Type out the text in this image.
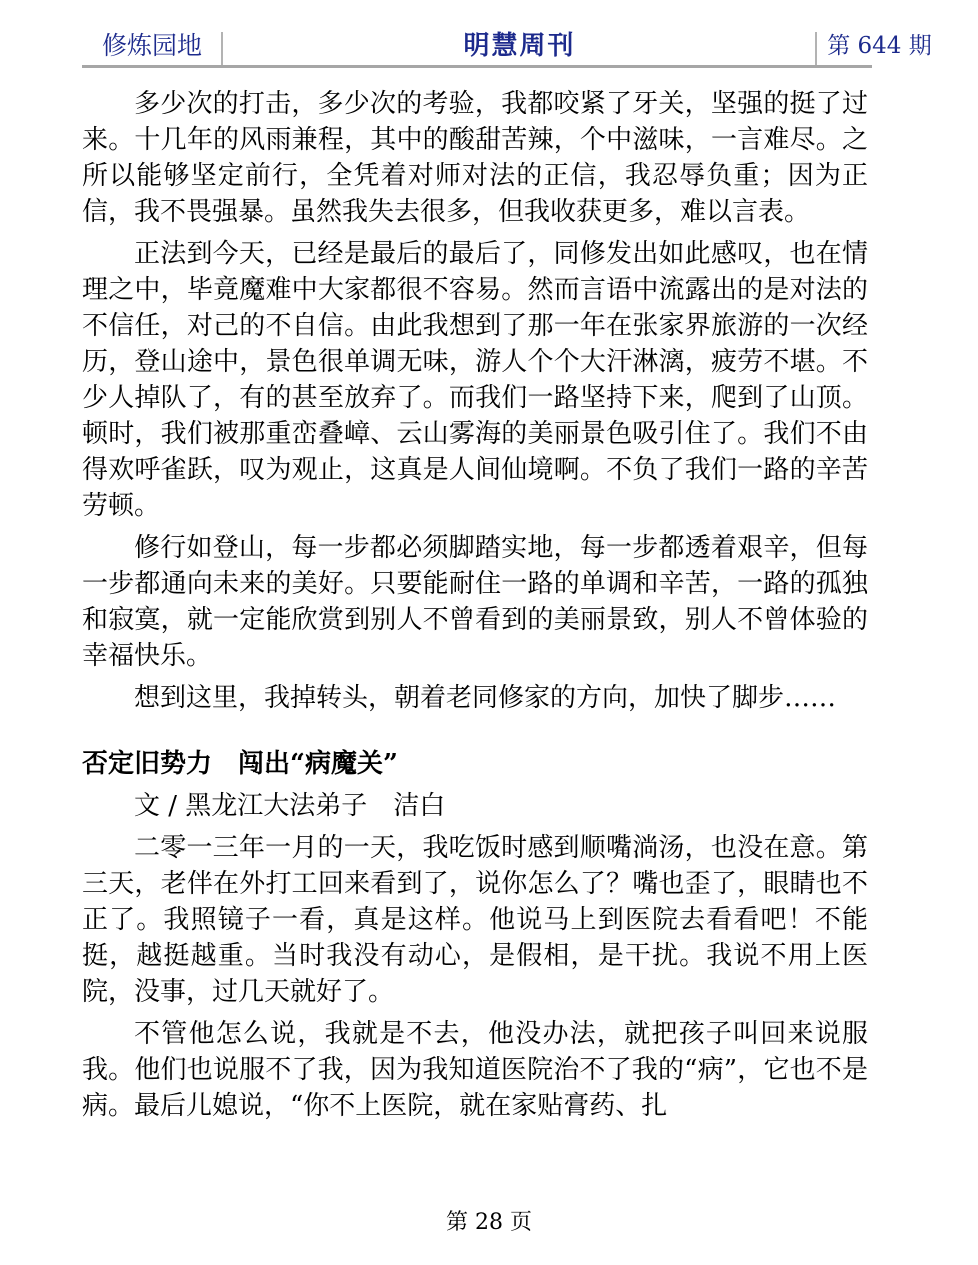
修炼园地	明慧周刊	第 644 期

多少次的打击，多少次的考验，我都咬紧了牙关，坚强的挺了过来。十几年的风雨兼程，其中的酸甜苦辣，个中滋味，一言难尽。之所以能够坚定前行，全凭着对师对法的正信，我忍辱负重；因为正信，我不畏强暴。虽然我失去很多，但我收获更多，难以言表。

正法到今天，已经是最后的最后了，同修发出如此感叹，也在情理之中，毕竟魔难中大家都很不容易。然而言语中流露出的是对法的不信任，对己的不自信。由此我想到了那一年在张家界旅游的一次经历，登山途中，景色很单调无味，游人个个大汗淋漓，疲劳不堪。不少人掉队了，有的甚至放弃了。而我们一路坚持下来，爬到了山顶。顿时，我们被那重峦叠嶂、云山雾海的美丽景色吸引住了。我们不由得欢呼雀跃，叹为观止，这真是人间仙境啊。不负了我们一路的辛苦劳顿。

修行如登山，每一步都必须脚踏实地，每一步都透着艰辛，但每一步都通向未来的美好。只要能耐住一路的单调和辛苦，一路的孤独和寂寞，就一定能欣赏到别人不曾看到的美丽景致，别人不曾体验的幸福快乐。

想到这里，我掉转头，朝着老同修家的方向，加快了脚步……

否定旧势力　闯出“病魔关”

文 / 黑龙江大法弟子　洁白

二零一三年一月的一天，我吃饭时感到顺嘴淌汤，也没在意。第三天，老伴在外打工回来看到了，说你怎么了？嘴也歪了，眼睛也不正了。我照镜子一看，真是这样。他说马上到医院去看看吧！不能挺，越挺越重。当时我没有动心，是假相，是干扰。我说不用上医院，没事，过几天就好了。

不管他怎么说，我就是不去，他没办法，就把孩子叫回来说服我。他们也说服不了我，因为我知道医院治不了我的“病”，它也不是病。最后儿媳说，“你不上医院，就在家贴膏药、扎

第 28 页
